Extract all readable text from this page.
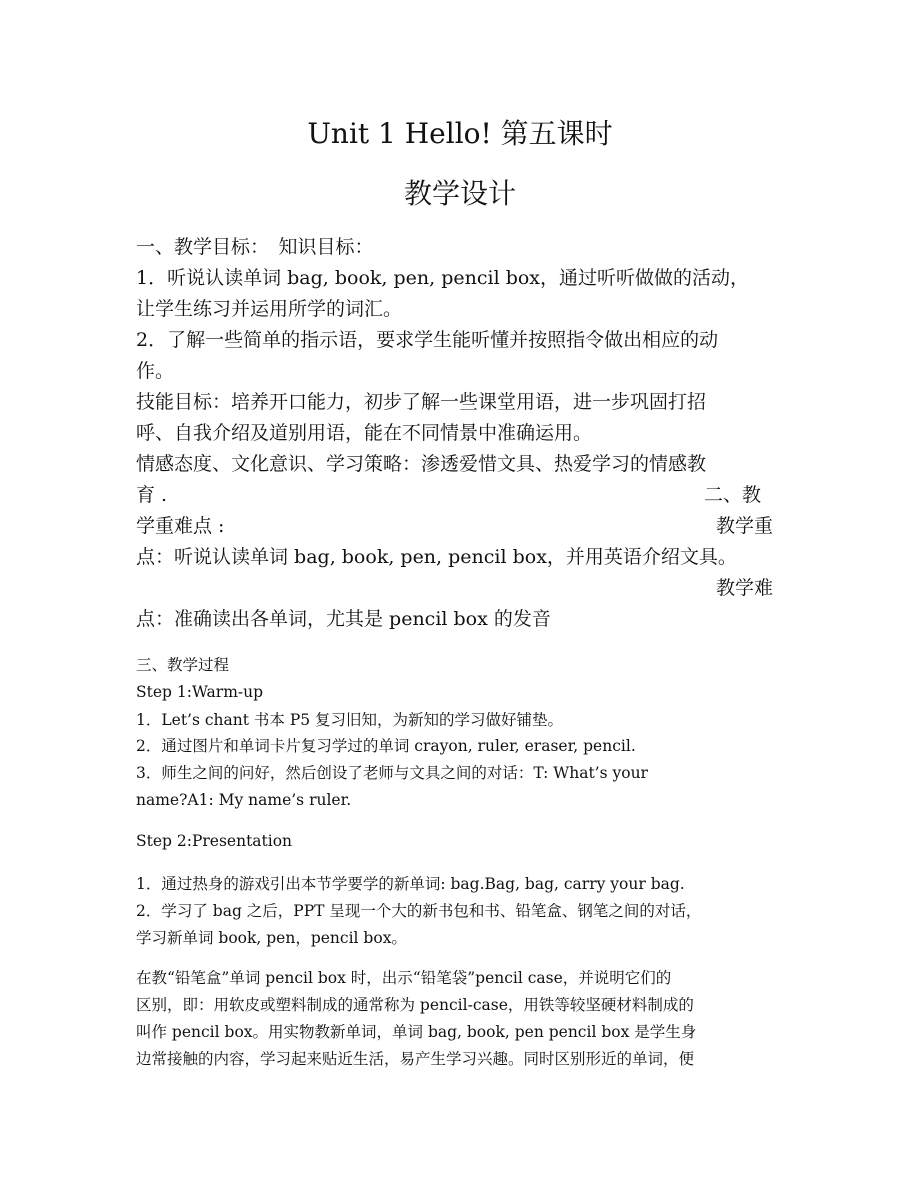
Unit 1 Hello! 第五课时
教学设计

一、教学目标：　知识目标：

1．听说认读单词 bag, book, pen, pencil box，通过听听做做的活动，

让学生练习并运用所学的词汇。

2．了解一些简单的指示语，要求学生能听懂并按照指令做出相应的动

作。

技能目标：培养开口能力，初步了解一些课堂用语，进一步巩固打招

呼、自我介绍及道别用语，能在不同情景中准确运用。

情感态度、文化意识、学习策略：渗透爱惜文具、热爱学习的情感教

育 .	二、教

学重难点 :	教学重

点：听说认读单词 bag, book, pen, pencil box，并用英语介绍文具。

教学难

点：准确读出各单词，尤其是 pencil box 的发音

三、教学过程

Step 1:Warm-up

1．Let’s chant 书本 P5 复习旧知，为新知的学习做好铺垫。

2．通过图片和单词卡片复习学过的单词 crayon, ruler, eraser, pencil.

3．师生之间的问好，然后创设了老师与文具之间的对话：T: What’s your

name?A1: My name’s ruler.

Step 2:Presentation

1．通过热身的游戏引出本节学要学的新单词: bag.Bag, bag, carry your bag.

2．学习了 bag 之后，PPT 呈现一个大的新书包和书、铅笔盒、钢笔之间的对话，

学习新单词 book, pen，pencil box。

在教“铅笔盒”单词 pencil box 时，出示“铅笔袋”pencil case，并说明它们的

区别，即：用软皮或塑料制成的通常称为 pencil-case，用铁等较坚硬材料制成的

叫作 pencil box。用实物教新单词，单词 bag, book, pen pencil box 是学生身

边常接触的内容，学习起来贴近生活，易产生学习兴趣。同时区别形近的单词，便
